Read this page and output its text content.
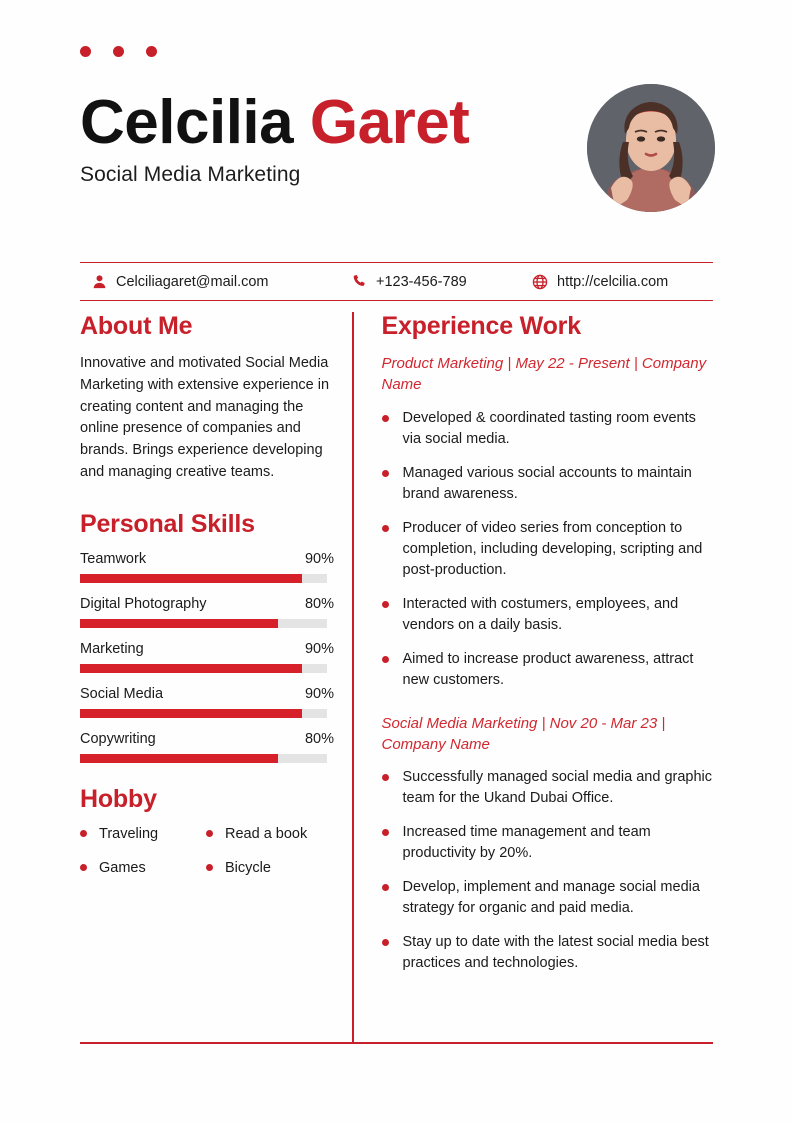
Celcilia Garet
Social Media Marketing
Celciliagaret@mail.com	+123-456-789	http://celcilia.com
About Me
Innovative and motivated Social Media Marketing with extensive experience in creating content and managing the online presence of companies and brands. Brings experience developing and managing creative teams.
Personal Skills
Teamwork	90%
Digital Photography	80%
Marketing	90%
Social Media	90%
Copywriting	80%
Hobby
Traveling	Read a book
Games	Bicycle
Experience Work
Product Marketing | May 22 - Present | Company Name
Developed & coordinated tasting room events via social media.
Managed various social accounts to maintain brand awareness.
Producer of video series from conception to completion, including developing, scripting and post-production.
Interacted with costumers, employees, and vendors on a daily basis.
Aimed to increase product awareness, attract new customers.
Social Media Marketing | Nov 20 - Mar 23 | Company Name
Successfully managed social media and graphic team for the Ukand Dubai Office.
Increased time management and team productivity by 20%.
Develop, implement and manage social media strategy for organic and paid media.
Stay up to date with the latest social media best practices and technologies.
